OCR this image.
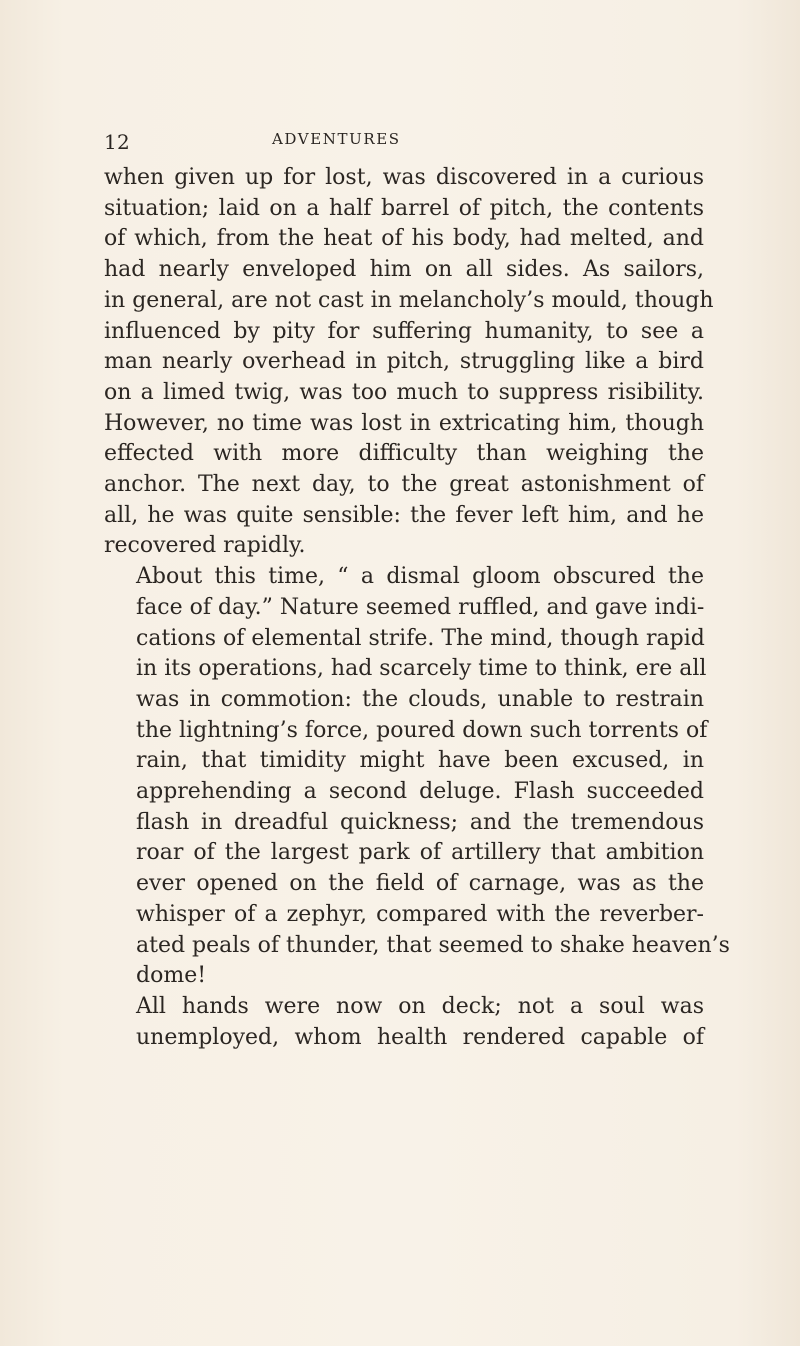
12	ADVENTURES

when given up for lost, was discovered in a curious
situation; laid on a half barrel of pitch, the contents
of which, from the heat of his body, had melted, and
had nearly enveloped him on all sides. As sailors,
in general, are not cast in melancholy’s mould, though
influenced by pity for suffering humanity, to see a
man nearly overhead in pitch, struggling like a bird
on a limed twig, was too much to suppress risibility.
However, no time was lost in extricating him, though
effected with more difficulty than weighing the
anchor. The next day, to the great astonishment of
all, he was quite sensible: the fever left him, and he
recovered rapidly.

About this time, “ a dismal gloom obscured the
face of day.” Nature seemed ruffled, and gave indi-
cations of elemental strife. The mind, though rapid
in its operations, had scarcely time to think, ere all
was in commotion: the clouds, unable to restrain
the lightning’s force, poured down such torrents of
rain, that timidity might have been excused, in
apprehending a second deluge. Flash succeeded
flash in dreadful quickness; and the tremendous
roar of the largest park of artillery that ambition
ever opened on the field of carnage, was as the
whisper of a zephyr, compared with the reverber-
ated peals of thunder, that seemed to shake heaven’s
dome!

All hands were now on deck; not a soul was
unemployed, whom health rendered capable of
